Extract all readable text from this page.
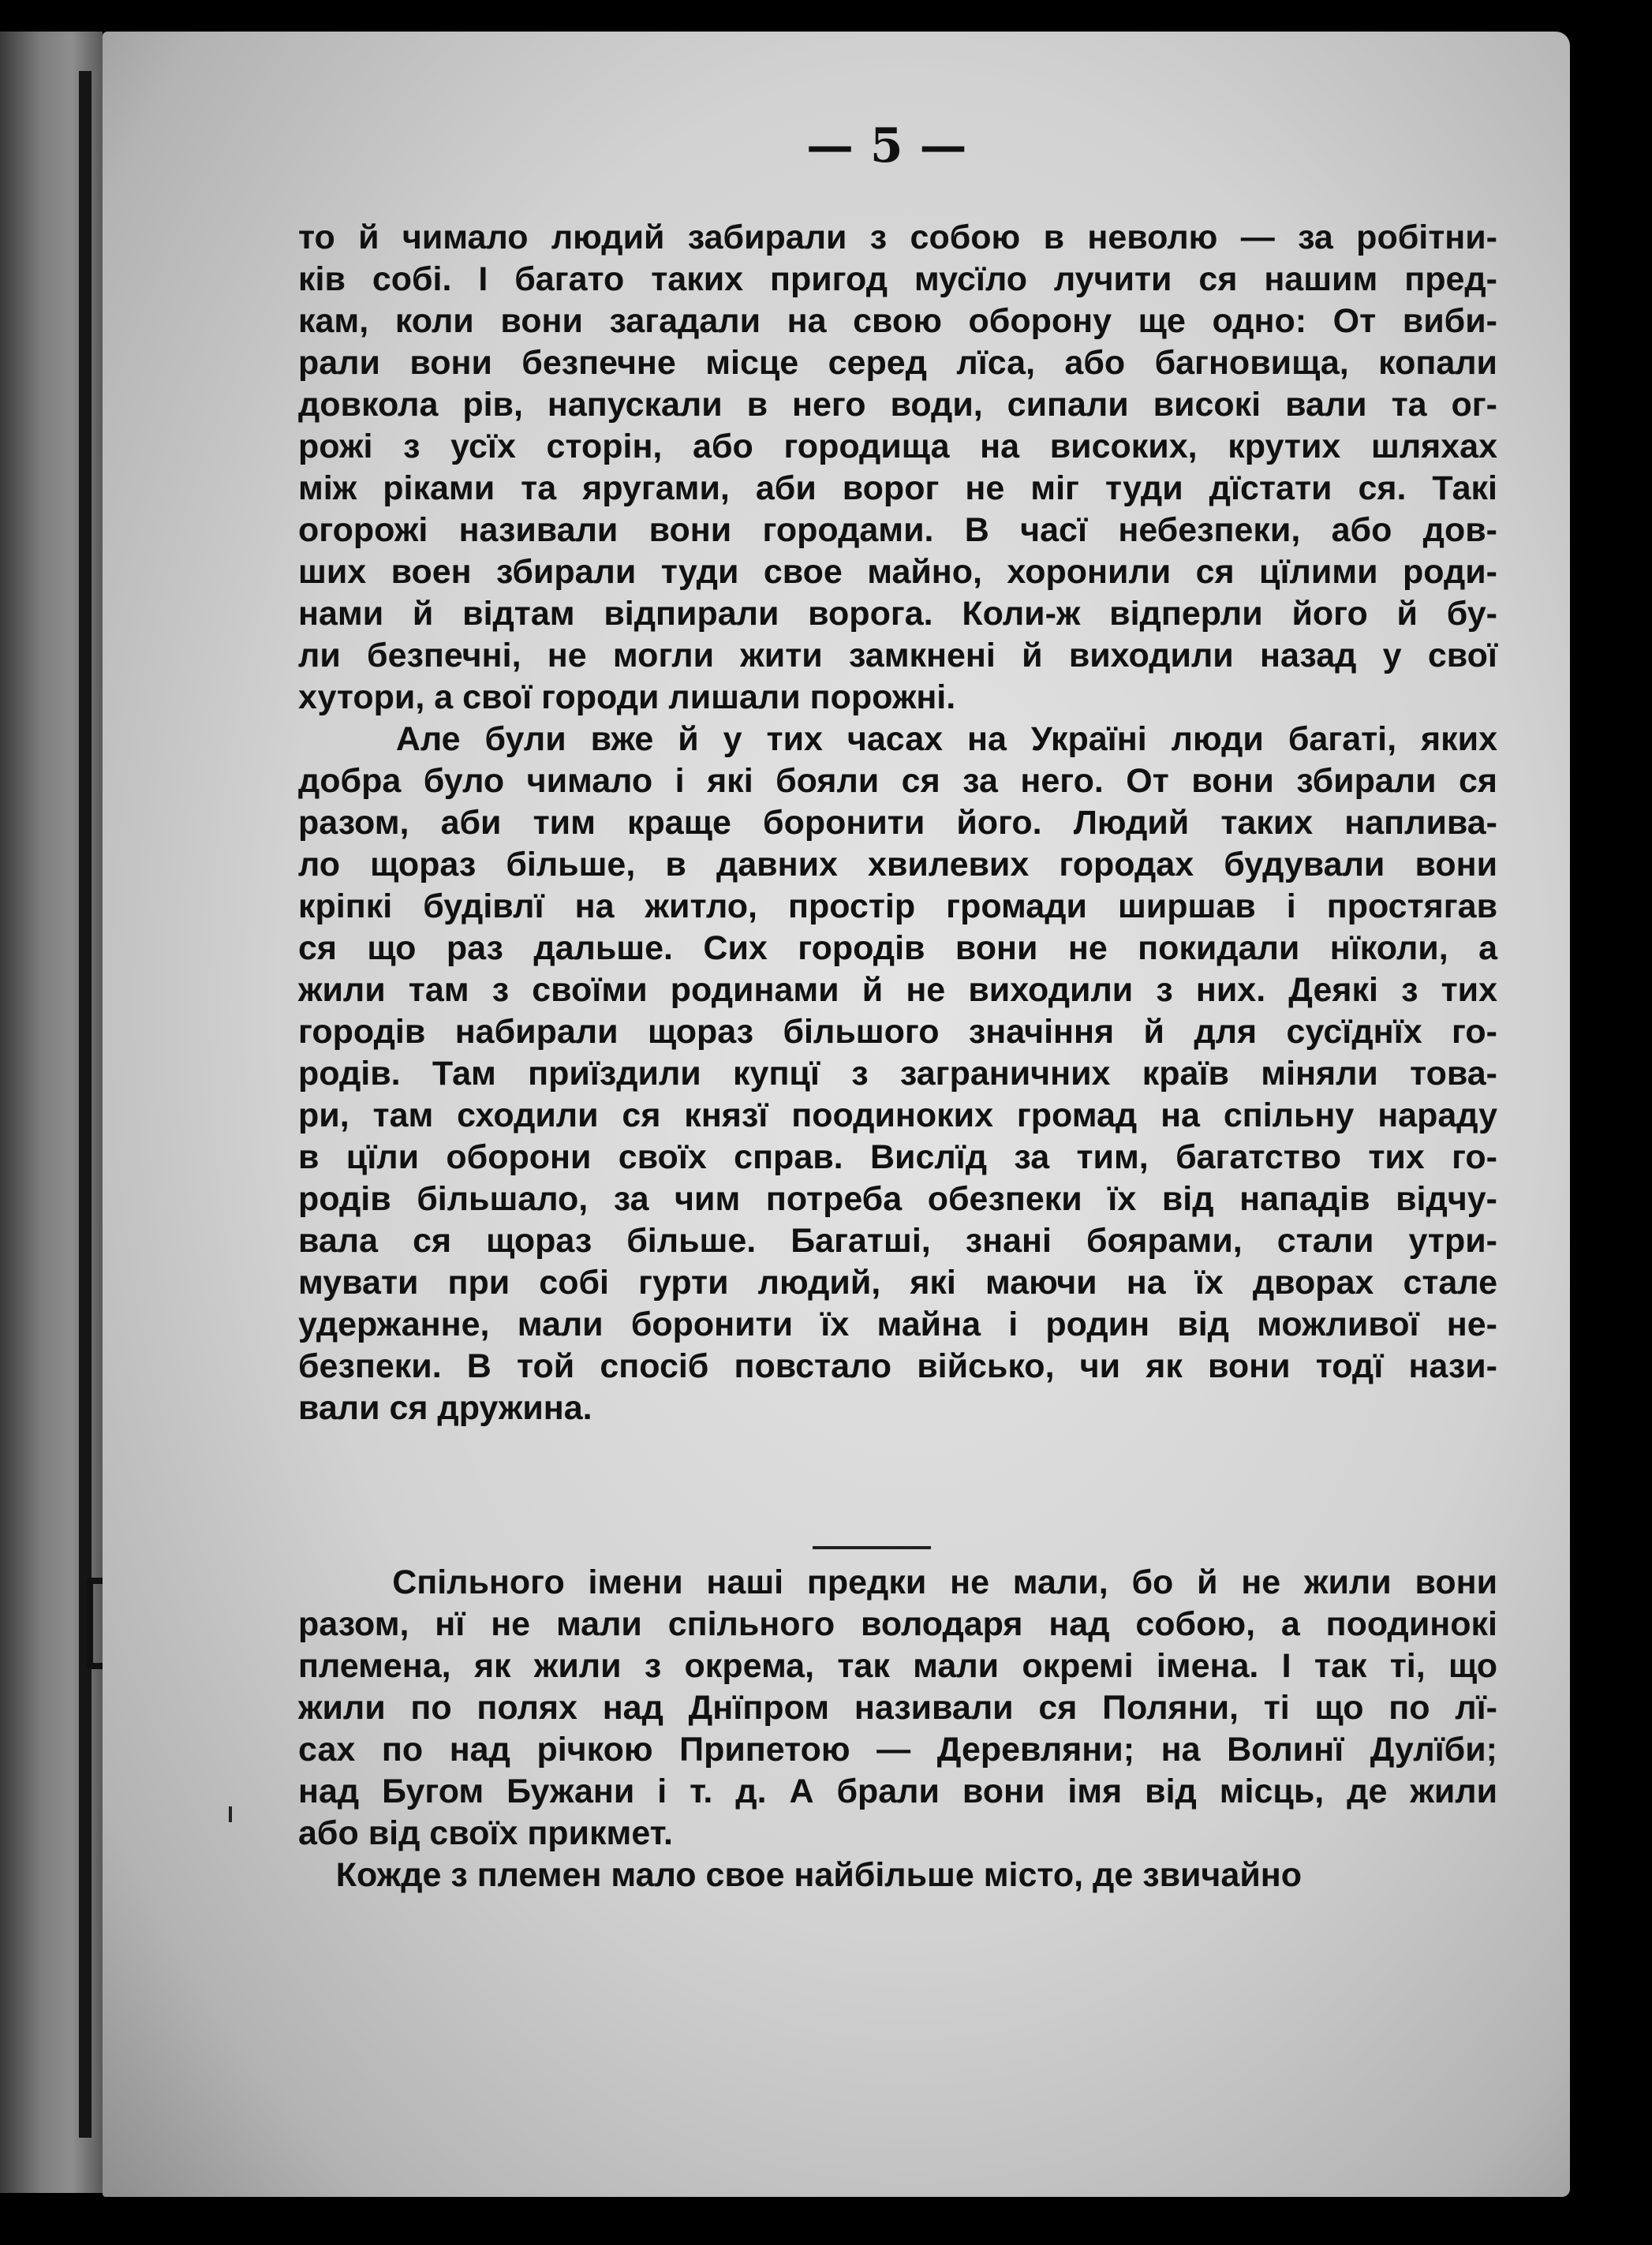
— 5 —
то й чимало людий забирали з собою в неволю — за робітни-
ків собі. І багато таких пригод мусїло лучити ся нашим пред-
кам, коли вони загадали на свою оборону ще одно: От виби-
рали вони безпечне місце серед лїса, або багновища, копали
довкола рів, напускали в него води, сипали високі вали та ог-
рожі з усїх сторін, або городища на високих, крутих шляхах
між ріками та яругами, аби ворог не міг туди дїстати ся. Такі
огорожі називали вони городами. В часї небезпеки, або дов-
ших воен збирали туди свое майно, хоронили ся цїлими роди-
нами й відтам відпирали ворога. Коли-ж відперли його й бу-
ли безпечні, не могли жити замкнені й виходили назад у свої
хутори, а свої городи лишали порожні.
Але були вже й у тих часах на Україні люди багаті, яких
добра було чимало і які бояли ся за него. От вони збирали ся
разом, аби тим краще боронити його. Людий таких наплива-
ло щораз більше, в давних хвилевих городах будували вони
кріпкі будівлї на житло, простір громади ширшав і простягав
ся що раз дальше. Сих городів вони не покидали нїколи, а
жили там з своїми родинами й не виходили з них. Деякі з тих
городів набирали щораз більшого значіння й для сусїднїх го-
родів. Там приїздили купцї з заграничних країв міняли това-
ри, там сходили ся князї поодиноких громад на спільну нараду
в цїли оборони своїх справ. Вислїд за тим, багатство тих го-
родів більшало, за чим потреба обезпеки їх від нападів відчу-
вала ся щораз більше. Багатші, знані боярами, стали утри-
мувати при собі гурти людий, які маючи на їх дворах стале
удержанне, мали боронити їх майна і родин від можливої не-
безпеки. В той спосіб повстало військо, чи як вони тодї нази-
вали ся дружина.
Спільного імени наші предки не мали, бо й не жили вони
разом, нї не мали спільного володаря над собою, а поодинокі
племена, як жили з окрема, так мали окремі імена. І так ті, що
жили по полях над Днїпром називали ся Поляни, ті що по лї-
сах по над річкою Припетою — Деревляни; на Волинї Дулїби;
над Бугом Бужани і т. д. А брали вони імя від місць, де жили
або від своїх прикмет.
Кожде з племен мало свое найбільше місто, де звичайно
